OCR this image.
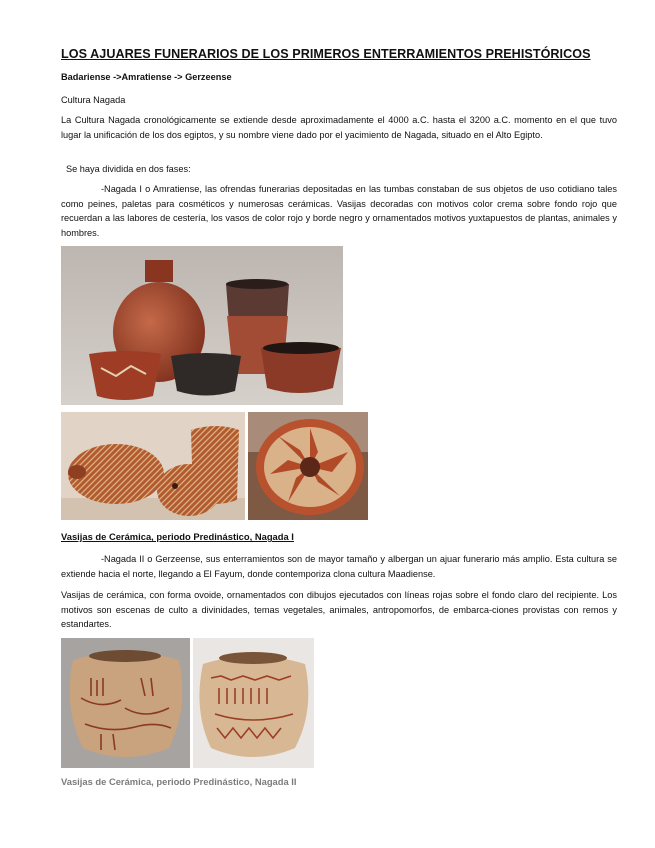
LOS AJUARES FUNERARIOS DE LOS PRIMEROS ENTERRAMIENTOS PREHISTÓRICOS
Badariense ->Amratiense -> Gerzeense
Cultura Nagada
La Cultura Nagada cronológicamente se extiende desde aproximadamente el 4000 a.C. hasta el 3200 a.C. momento en el que tuvo lugar la unificación de los dos egiptos, y su nombre viene dado por el yacimiento de Nagada, situado en el Alto Egipto.
Se haya dividida en dos fases:
-Nagada I o Amratiense, las ofrendas funerarias depositadas en las tumbas constaban de sus objetos de uso cotidiano tales como peines, paletas para cosméticos y numerosas cerámicas. Vasijas decoradas con motivos color crema sobre fondo rojo que recuerdan a las labores de cestería, los vasos de color rojo y borde negro y ornamentados motivos yuxtapuestos de plantas, animales y hombres.
Vasijas de Cerámica, periodo Predinástico, Nagada I
-Nagada II o Gerzeense, sus enterramientos son de mayor tamaño y albergan un ajuar funerario más amplio. Esta cultura se extiende hacia el norte, llegando a El Fayum, donde contemporiza clona cultura Maadiense.
Vasijas de cerámica, con forma ovoide, ornamentados con dibujos ejecutados con líneas rojas sobre el fondo claro del recipiente. Los motivos son escenas de culto a divinidades, temas vegetales, animales, antropomorfos, de embarca-ciones provistas con remos y estandartes.
Vasijas de Cerámica, periodo Predinástico, Nagada II
